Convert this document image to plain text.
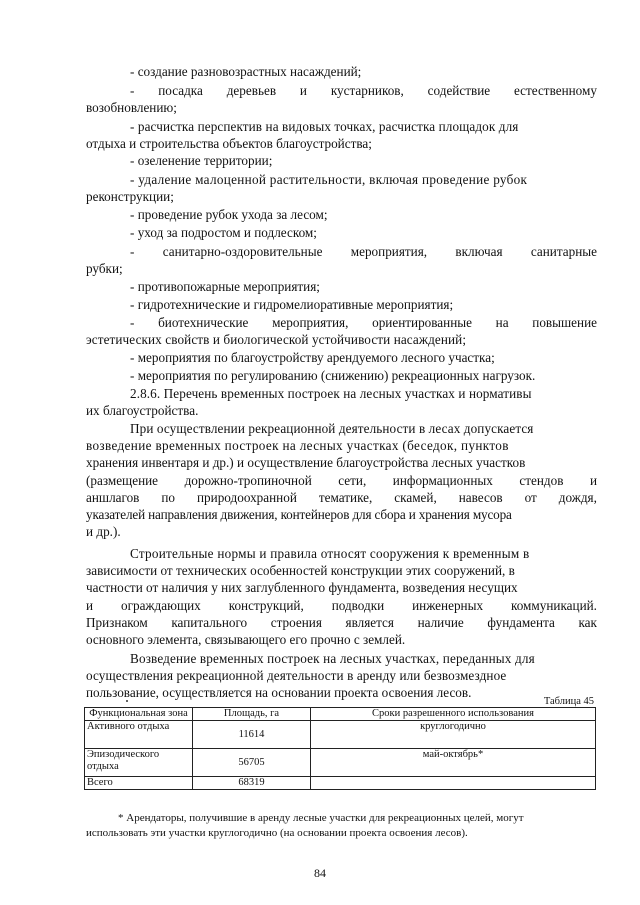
- создание разновозрастных насаждений;
- посадка деревьев и кустарников, содействие естественному
возобновлению;
- расчистка перспектив на видовых точках, расчистка площадок для
отдыха и строительства объектов благоустройства;
- озеленение территории;
- удаление малоценной растительности, включая проведение рубок
реконструкции;
- проведение рубок ухода за лесом;
- уход за подростом и подлеском;
- санитарно-оздоровительные мероприятия, включая санитарные
рубки;
- противопожарные мероприятия;
- гидротехнические и гидромелиоративные мероприятия;
- биотехнические мероприятия, ориентированные на повышение
эстетических свойств и биологической устойчивости насаждений;
- мероприятия по благоустройству арендуемого лесного участка;
- мероприятия по регулированию (снижению) рекреационных нагрузок.
2.8.6. Перечень временных построек на лесных участках и нормативы
их благоустройства.
При осуществлении рекреационной деятельности в лесах допускается
возведение временных построек на лесных участках (беседок, пунктов
хранения инвентаря и др.) и осуществление благоустройства лесных участков
(размещение дорожно-тропиночной сети, информационных стендов и
аншлагов по природоохранной тематике, скамей, навесов от дождя,
указателей направления движения, контейнеров для сбора и хранения мусора
и др.).
Строительные нормы и правила относят сооружения к временным в
зависимости от технических особенностей конструкции этих сооружений, в
частности от наличия у них заглубленного фундамента, возведения несущих
и ограждающих конструкций, подводки инженерных коммуникаций.
Признаком капитального строения является наличие фундамента как
основного элемента, связывающего его прочно с землей.
Возведение временных построек на лесных участках, переданных для
осуществления рекреационной деятельности в аренду или безвозмездное
пользование, осуществляется на основании проекта освоения лесов.
Таблица 45
Функциональная зона	Площадь, га	Сроки разрешенного использования
Активного отдыха	11614	круглогодично
Эпизодического отдыха	56705	май-октябрь*
Всего	68319	
* Арендаторы, получившие в аренду лесные участки для рекреационных целей, могут
использовать эти участки круглогодично (на основании проекта освоения лесов).
84
